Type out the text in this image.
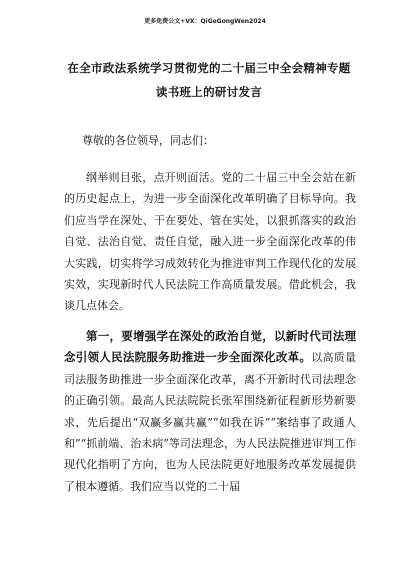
更多免费公文+VX：QiGeGongWen2024
在全市政法系统学习贯彻党的二十届三中全会精神专题读书班上的研讨发言
尊敬的各位领导，同志们：

纲举则目张，点开则面活。党的二十届三中全会站在新的历史起点上，为进一步全面深化改革明确了目标导向。我们应当学在深处、干在要处、管在实处，以狠抓落实的政治自觉、法治自觉、责任自觉，融入进一步全面深化改革的伟大实践，切实将学习成效转化为推进审判工作现代化的发展实效，实现新时代人民法院工作高质量发展。借此机会，我谈几点体会。

第一，要增强学在深处的政治自觉，以新时代司法理念引领人民法院服务助推进一步全面深化改革。以高质量司法服务助推进一步全面深化改革，离不开新时代司法理念的正确引领。最高人民法院院长张军围绕新征程新形势新要求，先后提出“双赢多赢共赢”“如我在诉”“案结事了政通人和”“抓前端、治未病”等司法理念，为人民法院推进审判工作现代化指明了方向，也为人民法院更好地服务改革发展提供了根本遵循。我们应当以党的二十届
